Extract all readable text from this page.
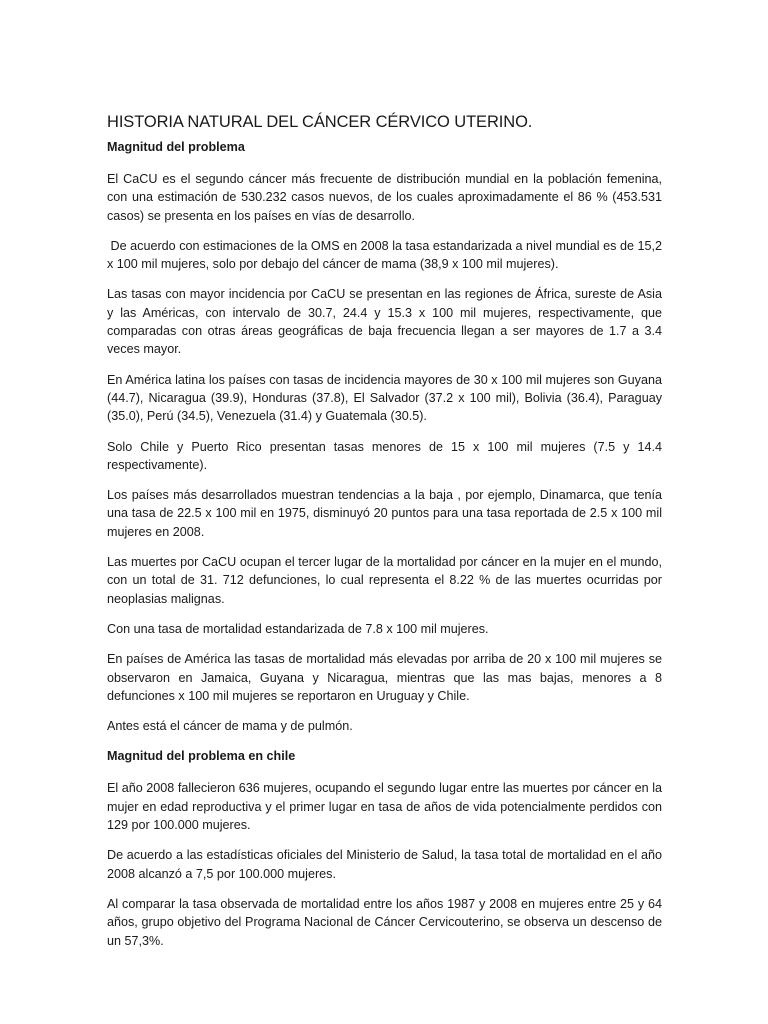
HISTORIA NATURAL DEL CÁNCER CÉRVICO UTERINO.
Magnitud del problema

El CaCU es el segundo cáncer más frecuente de distribución mundial en la población femenina, con una estimación de 530.232 casos nuevos, de los cuales aproximadamente el 86 % (453.531 casos) se presenta en los países en vías de desarrollo.

De acuerdo con estimaciones de la OMS en 2008 la tasa estandarizada a nivel mundial es de 15,2 x 100 mil mujeres, solo por debajo del cáncer de mama (38,9 x 100 mil mujeres).

Las tasas con mayor incidencia por CaCU se presentan en las regiones de África, sureste de Asia y las Américas, con intervalo de 30.7, 24.4 y 15.3 x 100 mil mujeres, respectivamente, que comparadas con otras áreas geográficas de baja frecuencia llegan a ser mayores de 1.7 a 3.4 veces mayor.

En América latina los países con tasas de incidencia mayores de 30 x 100 mil mujeres son Guyana (44.7), Nicaragua (39.9), Honduras (37.8), El Salvador (37.2 x 100 mil), Bolivia (36.4), Paraguay (35.0), Perú (34.5), Venezuela (31.4) y Guatemala (30.5).

Solo Chile y Puerto Rico presentan tasas menores de 15 x 100 mil mujeres (7.5 y 14.4 respectivamente).

Los países más desarrollados muestran tendencias a la baja , por ejemplo, Dinamarca, que tenía una tasa de 22.5 x 100 mil en 1975, disminuyó 20 puntos para una tasa reportada de 2.5 x 100 mil mujeres en 2008.

Las muertes por CaCU ocupan el tercer lugar de la mortalidad por cáncer en la mujer en el mundo, con un total de 31. 712 defunciones, lo cual representa el 8.22 % de las muertes ocurridas por neoplasias malignas.

Con una tasa de mortalidad estandarizada de 7.8 x 100 mil mujeres.

En países de América las tasas de mortalidad más elevadas por arriba de 20 x 100 mil mujeres se observaron en Jamaica, Guyana y Nicaragua, mientras que las mas bajas, menores a 8 defunciones x 100 mil mujeres se reportaron en Uruguay y Chile.

Antes está el cáncer de mama y de pulmón.

Magnitud del problema en chile

El año 2008 fallecieron 636 mujeres, ocupando el segundo lugar entre las muertes por cáncer en la mujer en edad reproductiva y el primer lugar en tasa de años de vida potencialmente perdidos con 129 por 100.000 mujeres.

De acuerdo a las estadísticas oficiales del Ministerio de Salud, la tasa total de mortalidad en el año 2008 alcanzó a 7,5 por 100.000 mujeres.

Al comparar la tasa observada de mortalidad entre los años 1987 y 2008 en mujeres entre 25 y 64 años, grupo objetivo del Programa Nacional de Cáncer Cervicouterino, se observa un descenso de un 57,3%.
